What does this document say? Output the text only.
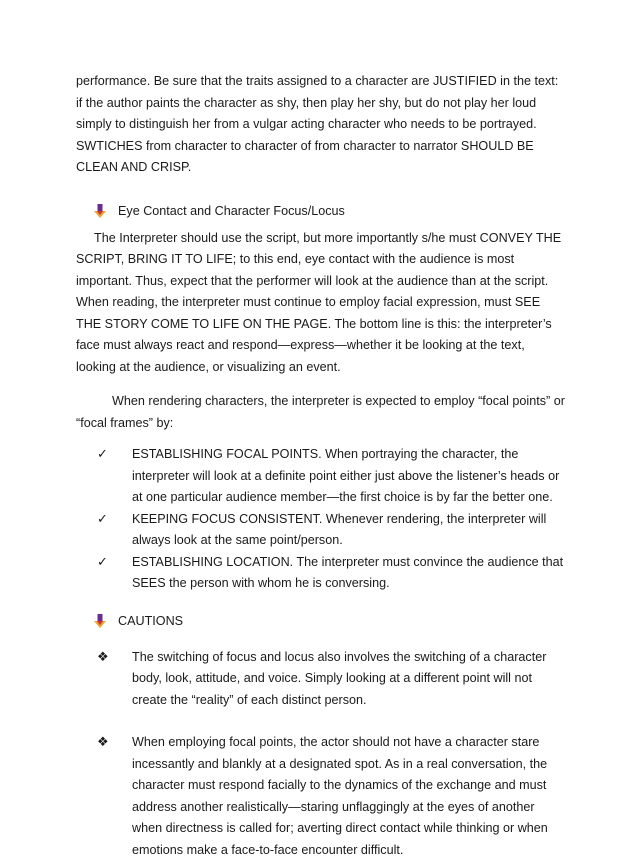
performance. Be sure that the traits assigned to a character are JUSTIFIED in the text: if the author paints the character as shy, then play her shy, but do not play her loud simply to distinguish her from a vulgar acting character who needs to be portrayed. SWTICHES from character to character of from character to narrator SHOULD BE CLEAN AND CRISP.

Eye Contact and Character Focus/Locus

The Interpreter should use the script, but more importantly s/he must CONVEY THE SCRIPT, BRING IT TO LIFE; to this end, eye contact with the audience is most important. Thus, expect that the performer will look at the audience than at the script. When reading, the interpreter must continue to employ facial expression, must SEE THE STORY COME TO LIFE ON THE PAGE. The bottom line is this: the interpreter’s face must always react and respond—express—whether it be looking at the text, looking at the audience, or visualizing an event.

When rendering characters, the interpreter is expected to employ “focal points” or “focal frames” by:

✓ ESTABLISHING FOCAL POINTS. When portraying the character, the interpreter will look at a definite point either just above the listener’s heads or at one particular audience member—the first choice is by far the better one.
✓ KEEPING FOCUS CONSISTENT. Whenever rendering, the interpreter will always look at the same point/person.
✓ ESTABLISHING LOCATION. The interpreter must convince the audience that SEES the person with whom he is conversing.
CAUTIONS
❖ The switching of focus and locus also involves the switching of a character body, look, attitude, and voice. Simply looking at a different point will not create the “reality” of each distinct person.
❖ When employing focal points, the actor should not have a character stare incessantly and blankly at a designated spot. As in a real conversation, the character must respond facially to the dynamics of the exchange and must address another realistically—staring unflaggingly at the eyes of another when directness is called for; averting direct contact while thinking or when emotions make a face-to-face encounter difficult.
